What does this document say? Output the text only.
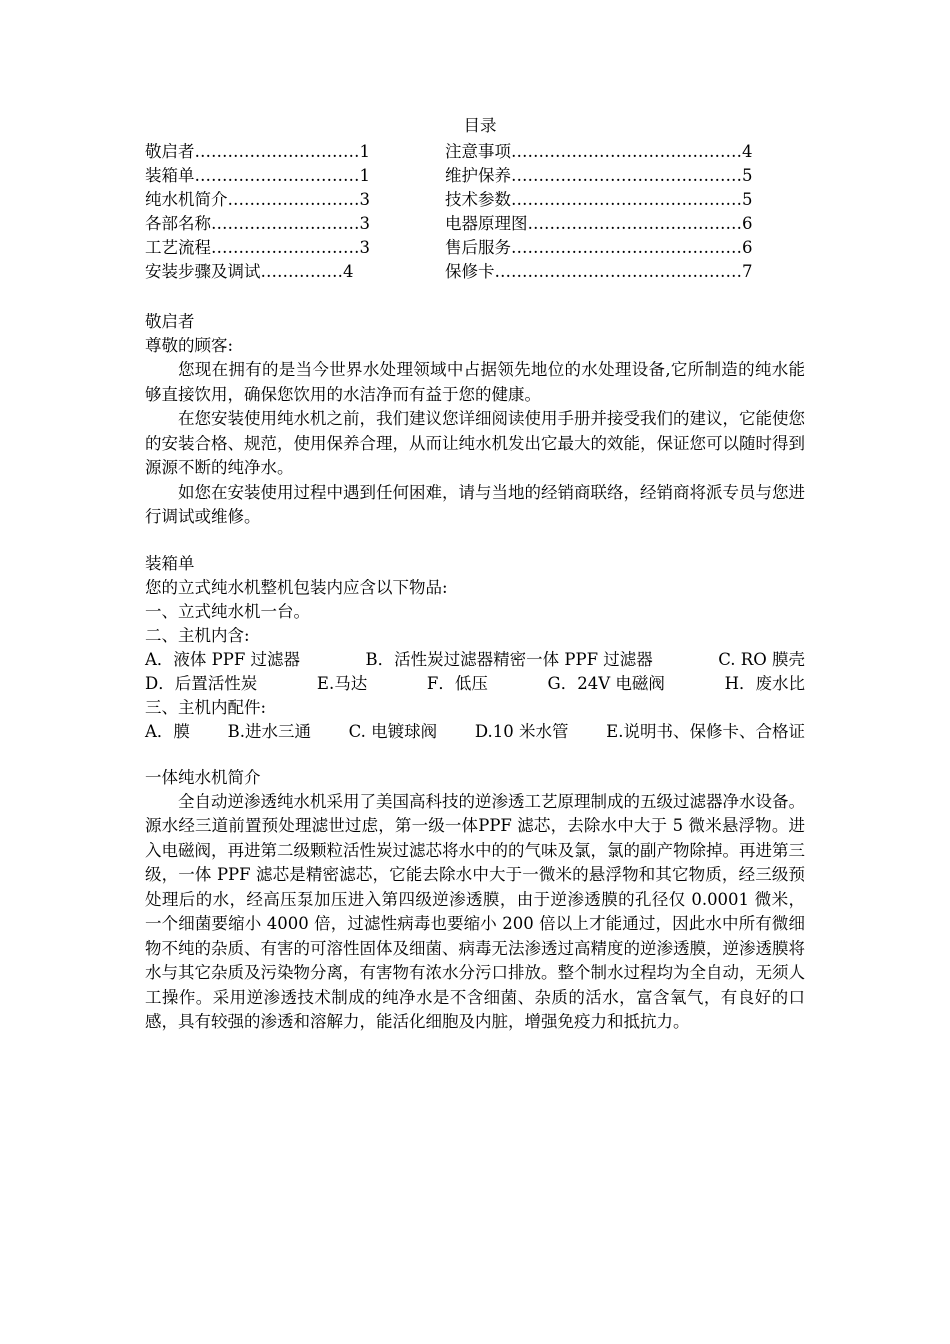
目录
敬启者…………………………1
装箱单…………………………1
纯水机简介……………………3
各部名称………………………3
工艺流程………………………3
安装步骤及调试……………4
注意事项……………………………………4
维护保养……………………………………5
技术参数……………………………………5
电器原理图…………………………………6
售后服务……………………………………6
保修卡………………………………………7
敬启者
尊敬的顾客:
您现在拥有的是当今世界水处理领域中占据领先地位的水处理设备,它所制造的纯水能够直接饮用，确保您饮用的水洁净而有益于您的健康。
在您安装使用纯水机之前，我们建议您详细阅读使用手册并接受我们的建议，它能使您的安装合格、规范，使用保养合理，从而让纯水机发出它最大的效能，保证您可以随时得到源源不断的纯净水。
如您在安装使用过程中遇到任何困难，请与当地的经销商联络，经销商将派专员与您进行调试或维修。
装箱单
您的立式纯水机整机包装内应含以下物品:
一、立式纯水机一台。
二、主机内含:
A．液体 PPF 过滤器	B．活性炭过滤器精密一体 PPF 过滤器	C. RO 膜壳
D．后置活性炭	E.马达	F．低压	G．24V 电磁阀	H．废水比
三、主机内配件:
A．膜 B.进水三通 C. 电镀球阀 D.10 米水管 E.说明书、保修卡、合格证
一体纯水机简介
全自动逆渗透纯水机采用了美国高科技的逆渗透工艺原理制成的五级过滤器净水设备。源水经三道前置预处理滤世过虑，第一级一体PPF 滤芯，去除水中大于 5 微米悬浮物。进入电磁阀，再进第二级颗粒活性炭过滤芯将水中的的气味及氯，氯的副产物除掉。再进第三级，一体 PPF 滤芯是精密滤芯，它能去除水中大于一微米的悬浮物和其它物质，经三级预处理后的水，经高压泵加压进入第四级逆渗透膜，由于逆渗透膜的孔径仅 0.0001 微米，一个细菌要缩小 4000 倍，过滤性病毒也要缩小 200 倍以上才能通过，因此水中所有微细物不纯的杂质、有害的可溶性固体及细菌、病毒无法渗透过高精度的逆渗透膜，逆渗透膜将水与其它杂质及污染物分离，有害物有浓水分污口排放。整个制水过程均为全自动，无须人工操作。采用逆渗透技术制成的纯净水是不含细菌、杂质的活水，富含氧气，有良好的口感，具有较强的渗透和溶解力，能活化细胞及内脏，增强免疫力和抵抗力。
